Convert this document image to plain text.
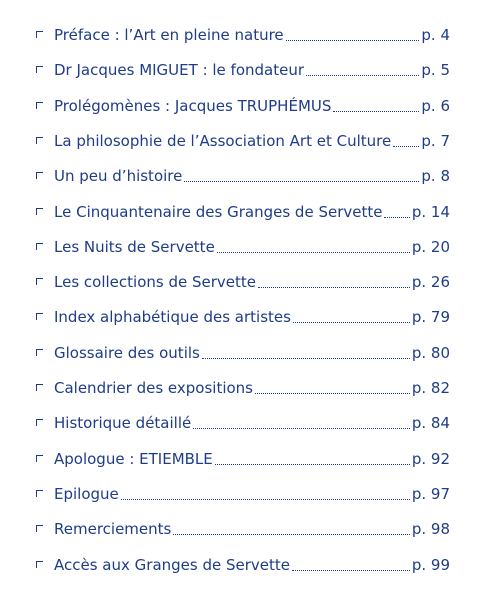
Préface : l’Art en pleine nature	p. 4
Dr Jacques MIGUET : le fondateur	p. 5
Prolégomènes : Jacques TRUPHÉMUS	p. 6
La philosophie de l’Association Art et Culture p. 7
Un peu d’histoire	p. 8
Le Cinquantenaire des Granges de Servette p. 14
Les Nuits de Servette	p. 20
Les collections de Servette	p. 26
Index alphabétique des artistes	p. 79
Glossaire des outils	p. 80
Calendrier des expositions	p. 82
Historique détaillé	p. 84
Apologue : ETIEMBLE	p. 92
Epilogue	p. 97
Remerciements	p. 98
Accès aux Granges de Servette	p. 99
